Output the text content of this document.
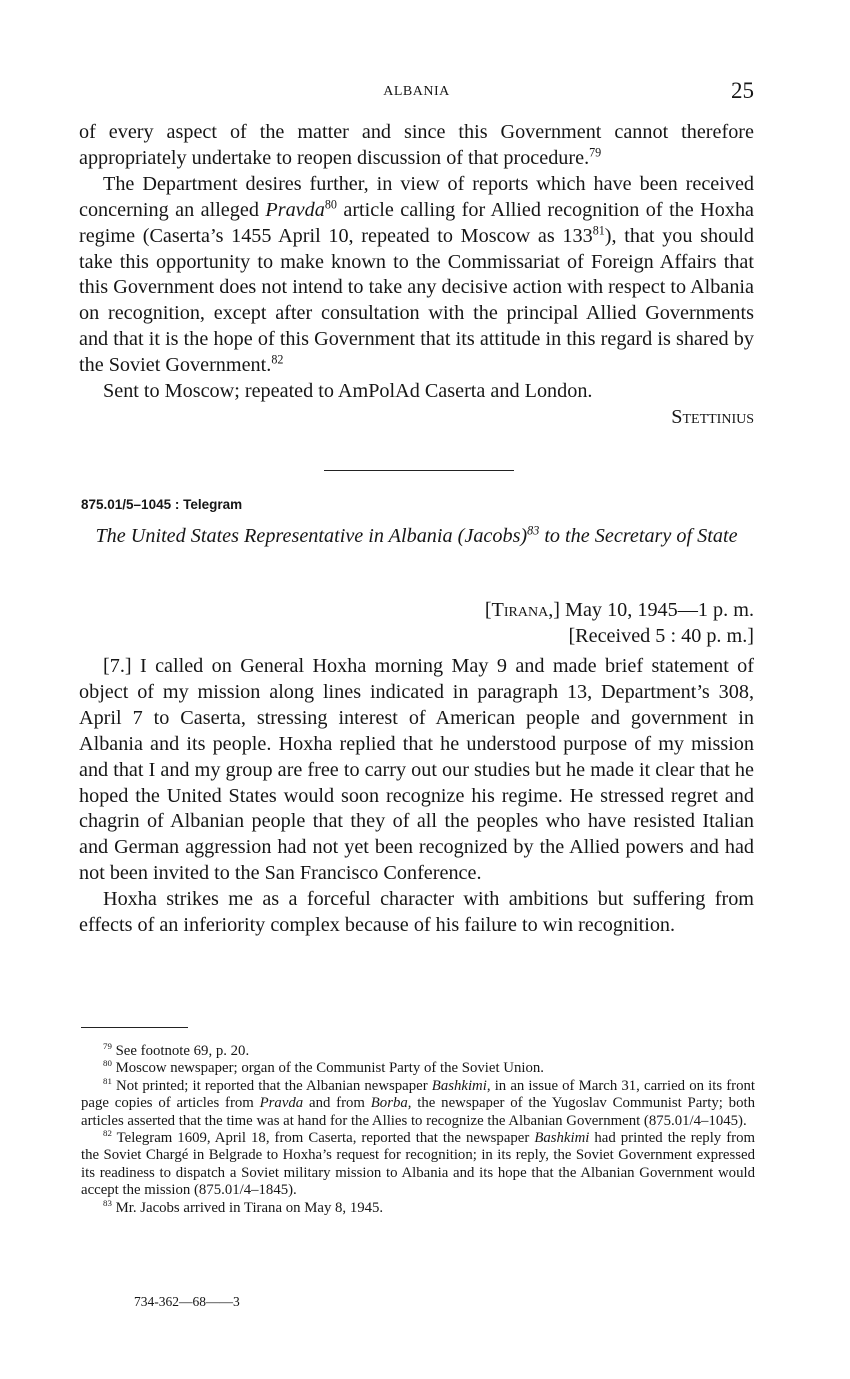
ALBANIA	25

of every aspect of the matter and since this Government cannot therefore appropriately undertake to reopen discussion of that procedure.$^{79}$

The Department desires further, in view of reports which have been received concerning an alleged Pravda$^{80}$ article calling for Allied recognition of the Hoxha regime (Caserta’s 1455 April 10, repeated to Moscow as $133^{81}$), that you should take this opportunity to make known to the Commissariat of Foreign Affairs that this Government does not intend to take any decisive action with respect to Albania on recognition, except after consultation with the principal Allied Governments and that it is the hope of this Government that its attitude in this regard is shared by the Soviet Government.$^{82}$

Sent to Moscow; repeated to AmPolAd Caserta and London.

Stettinius

875.01/5–1045 : Telegram
The United States Representative in Albania (Jacobs)$^{83}$ to the Secretary of State
[Tirana,] May 10, 1945—1 p. m.
[Received 5 : 40 p. m.]

[7.] I called on General Hoxha morning May 9 and made brief statement of object of my mission along lines indicated in paragraph 13, Department’s 308, April 7 to Caserta, stressing interest of American people and government in Albania and its people. Hoxha replied that he understood purpose of my mission and that I and my group are free to carry out our studies but he made it clear that he hoped the United States would soon recognize his regime. He stressed regret and chagrin of Albanian people that they of all the peoples who have resisted Italian and German aggression had not yet been recognized by the Allied powers and had not been invited to the San Francisco Conference.

Hoxha strikes me as a forceful character with ambitions but suffering from effects of an inferiority complex because of his failure to win recognition.

$^{79}$ See footnote 69, p. 20.

$^{80}$ Moscow newspaper; organ of the Communist Party of the Soviet Union.

$^{81}$ Not printed; it reported that the Albanian newspaper Bashkimi, in an issue of March 31, carried on its front page copies of articles from Pravda and from Borba, the newspaper of the Yugoslav Communist Party; both articles asserted that the time was at hand for the Allies to recognize the Albanian Government (875.01/4–1045).

$^{82}$ Telegram 1609, April 18, from Caserta, reported that the newspaper Bashkimi had printed the reply from the Soviet Chargé in Belgrade to Hoxha’s request for recognition; in its reply, the Soviet Government expressed its readiness to dispatch a Soviet military mission to Albania and its hope that the Albanian Government would accept the mission (875.01/4–1845).

$^{83}$ Mr. Jacobs arrived in Tirana on May 8, 1945.

734-362—68——3
